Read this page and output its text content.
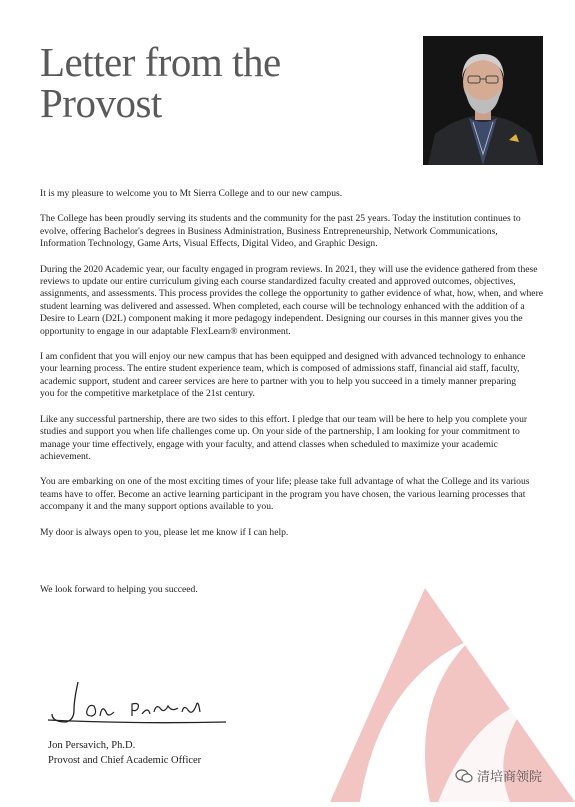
Letter from the
Provost

It is my pleasure to welcome you to Mt Sierra College and to our new campus.

The College has been proudly serving its students and the community for the past 25 years. Today the institution continues to evolve, offering Bachelor's degrees in Business Administration, Business Entrepreneurship, Network Communications, Information Technology, Game Arts, Visual Effects, Digital Video, and Graphic Design.

During the 2020 Academic year, our faculty engaged in program reviews. In 2021, they will use the evidence gathered from these reviews to update our entire curriculum giving each course standardized faculty created and approved outcomes, objectives, assignments, and assessments. This process provides the college the opportunity to gather evidence of what, how, when, and where student learning was delivered and assessed. When completed, each course will be technology enhanced with the addition of a Desire to Learn (D2L) component making it more pedagogy independent. Designing our courses in this manner gives you the opportunity to engage in our adaptable FlexLearn® environment.

I am confident that you will enjoy our new campus that has been equipped and designed with advanced technology to enhance your learning process. The entire student experience team, which is composed of admissions staff, financial aid staff, faculty, academic support, student and career services are here to partner with you to help you succeed in a timely manner preparing
you for the competitive marketplace of the 21st century.

Like any successful partnership, there are two sides to this effort. I pledge that our team will be here to help you complete your studies and support you when life challenges come up. On your side of the partnership, I am looking for your commitment to manage your time effectively, engage with your faculty, and attend classes when scheduled to maximize your academic achievement.

You are embarking on one of the most exciting times of your life; please take full advantage of what the College and its various teams have to offer. Become an active learning participant in the program you have chosen, the various learning processes that accompany it and the many support options available to you.

My door is always open to you, please let me know if I can help.

We look forward to helping you succeed.
Jon Persavich, Ph.D.
Provost and Chief Academic Officer
清培商领院
